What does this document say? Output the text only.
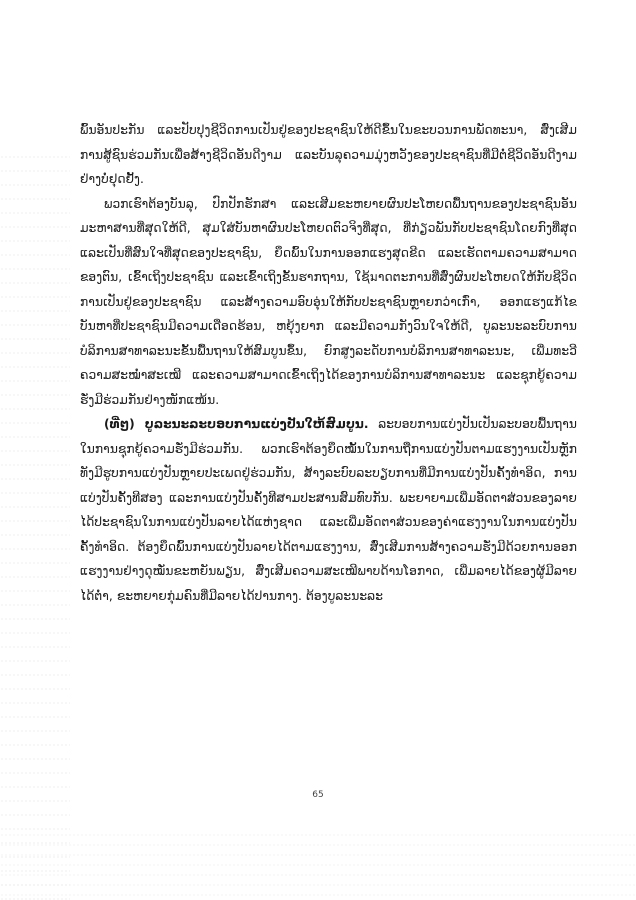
ພົ້ນອັນປະກັນ ແລະປັບປຸງຊີວິດການເປັນຢູ່ຂອງປະຊາຊົນໃຫ້ດີຂຶ້ນໃນຂະບວນການພັດທະນາ, ສົ່ງເສີມການສູ້ຊົນຮ່ວມກັນເພື່ອສ້າງຊີວິດອັນດີງາມ ແລະບັນລຸຄວາມມຸ່ງຫວັງຂອງປະຊາຊົນທີ່ມີຕໍ່ຊີວິດອັນດີງາມຢ່າງບໍ່ຢຸດຢັ້ງ.

ພວກເຮົາຕ້ອງບັນລຸ, ປົກປັກຮັກສາ ແລະເສີມຂະຫຍາຍຜົນປະໂຫຍດພື້ນຖານຂອງປະຊາຊົນອັນມະຫາສານທີ່ສຸດໃຫ້ດີ, ສຸມໃສ່ບັນຫາຜົນປະໂຫຍດຕົວຈິງທີ່ສຸດ, ທີ່ກ່ຽວພັນກັບປະຊາຊົນໂດຍກົງທີ່ສຸດ ແລະເປັນທີ່ສົນໃຈທີ່ສຸດຂອງປະຊາຊົນ, ຍຶດພົ້ນໃນການອອກແຮງສຸດຂີດ ແລະເຮັດຕາມຄວາມສາມາດຂອງຕົນ, ເຂົ້າເຖິງປະຊາຊົນ ແລະເຂົ້າເຖິງຂັ້ນຮາກຖານ, ໃຊ້มາດຕະການທີ່ສົ່ງຜົນປະໂຫຍດໃຫ້ກັບຊີວິດການເປັນຢູ່ຂອງປະຊາຊົນ ແລະສ້າງຄວາມອົບອຸ່ນໃຫ້ກັບປະຊາຊົນຫຼາຍກວ່າເກົ່າ, ອອກແຮງແກ້ໄຂບັນຫາທີ່ປະຊາຊົນມີຄວາມເດືອດຮ້ອນ, ຫຍຸ້ງຍາກ ແລະມີຄວາມກັງວົນໃຈໃຫ້ດີ, ບູລະນະລະບົບການບໍລິການສາທາລະນະຂັ້ນພື້ນຖານໃຫ້ສົມບູນຂຶ້ນ, ຍົກສູງລະດັບການບໍລິການສາທາລະນະ, ເພີ່ມທະວີຄວາມສະໝໍ່າສະເໝີ ແລະຄວາມສາມາດເຂົ້າເຖິງໄດ້ຂອງການບໍລິການສາທາລະນະ ແລະຊຸກຍູ້ຄວາມຮັ່ງມີຮ່ວມກັນຢ່າງໜັກແໜ້ນ.

(ທີ່ໆ) ບູລະນະລະບອບການແບ່ງປັນໃຫ້ສົມບູນ. ລະບອບການແບ່ງປັນເປັນລະບອບພື້ນຖານໃນການຊຸກຍູ້ຄວາມຮັ່ງມີຮ່ວມກັນ. ພວກເຮົາຕ້ອງຍຶດໝັ້ນໃນການຖືການແບ່ງປັນຕາມແຮງງານເປັນຫຼັກ ທັງມີຮູບການແບ່ງປັນຫຼາຍປະເພດຢູ່ຮ່ວມກັນ, ສ້າງລະບົບລະບຽບການທີ່ມີການແບ່ງປັນຄັ້ງທໍາອິດ, ການແບ່ງປັນຄັ້ງທີສອງ ແລະການແບ່ງປັນຄັ້ງທີສາມປະສານສົມທົບກັນ. ພະຍາຍາມເພີ່ມອັດຕາສ່ວນຂອງລາຍໄດ້ປະຊາຊົນໃນການແບ່ງປັນລາຍໄດ້ແຫ່ງຊາດ ແລະເພີ່ມອັດຕາສ່ວນຂອງຄ່າແຮງງານໃນການແບ່ງປັນຄັ້ງທໍາອິດ. ຕ້ອງຍຶດພົ້ນການແບ່ງປັນລາຍໄດ້ຕາມແຮງງານ, ສົ່ງເສີມການສ້າງຄວາມຮັ່ງມີດ້ວຍການອອກແຮງງານຢ່າງດຸໝັ່ນຂະຫຍັນພຽນ, ສົ່ງເສີມຄວາມສະເໝີພາບດ້ານໂອກາດ, ເພີ່ມລາຍໄດ້ຂອງຜູ້ມີລາຍໄດ້ຕໍ່າ, ຂະຫຍາຍກຸ່ມຄົນທີ່ມີລາຍໄດ້ປານກາງ. ຕ້ອງບູລະນະລະ

65
